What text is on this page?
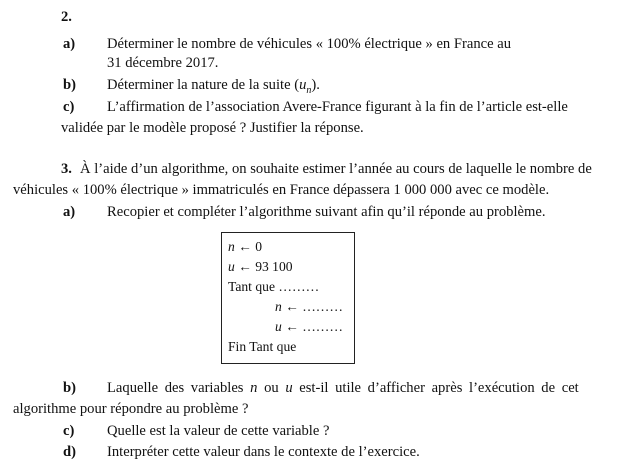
2.
a) Déterminer le nombre de véhicules « 100% électrique » en France au
31 décembre 2017.
b) Déterminer la nature de la suite $(u_n)$.
c) L’affirmation de l’association Avere-France figurant à la fin de l’article est-elle
validée par le modèle proposé ? Justifier la réponse.
3. À l’aide d’un algorithme, on souhaite estimer l’année au cours de laquelle le nombre de
véhicules « 100% électrique » immatriculés en France dépassera 1 000 000 avec ce modèle.
a) Recopier et compléter l’algorithme suivant afin qu’il réponde au problème.
n ← 0
u ← 93 100
Tant que ………
n ← ………
u ← ………
Fin Tant que
b) Laquelle des variables n ou u est-il utile d’afficher après l’exécution de cet
algorithme pour répondre au problème ?
c) Quelle est la valeur de cette variable ?
d) Interpréter cette valeur dans le contexte de l’exercice.
